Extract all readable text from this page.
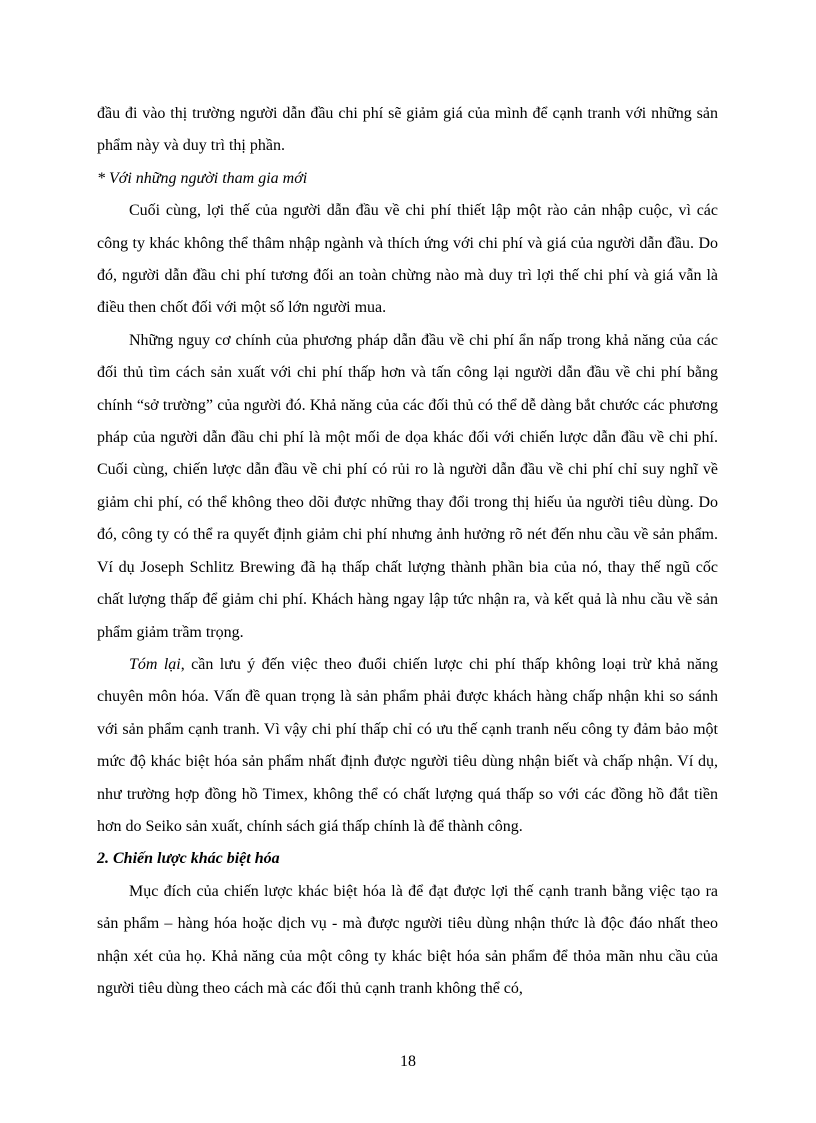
đầu đi vào thị trường người dẫn đầu chi phí sẽ giảm giá của mình để cạnh tranh với những sản phẩm này và duy trì thị phần.

* Với những người tham gia mới

Cuối cùng, lợi thế của người dẫn đầu về chi phí thiết lập một rào cản nhập cuộc, vì các công ty khác không thể thâm nhập ngành và thích ứng với chi phí và giá của người dẫn đầu. Do đó, người dẫn đầu chi phí tương đối an toàn chừng nào mà duy trì lợi thế chi phí và giá vẫn là điều then chốt đối với một số lớn người mua.

Những nguy cơ chính của phương pháp dẫn đầu về chi phí ẩn nấp trong khả năng của các đối thủ tìm cách sản xuất với chi phí thấp hơn và tấn công lại người dẫn đầu về chi phí bằng chính “sở trường” của người đó. Khả năng của các đối thủ có thể dễ dàng bắt chước các phương pháp của người dẫn đầu chi phí là một mối de dọa khác đối với chiến lược dẫn đầu về chi phí. Cuối cùng, chiến lược dẫn đầu về chi phí có rủi ro là người dẫn đầu về chi phí chỉ suy nghĩ về giảm chi phí, có thể không theo dõi được những thay đổi trong thị hiếu ủa người tiêu dùng. Do đó, công ty có thể ra quyết định giảm chi phí nhưng ảnh hưởng rõ nét đến nhu cầu về sản phẩm. Ví dụ Joseph Schlitz Brewing đã hạ thấp chất lượng thành phần bia của nó, thay thế ngũ cốc chất lượng thấp để giảm chi phí. Khách hàng ngay lập tức nhận ra, và kết quả là nhu cầu về sản phẩm giảm trầm trọng.

Tóm lại, cần lưu ý đến việc theo đuổi chiến lược chi phí thấp không loại trừ khả năng chuyên môn hóa. Vấn đề quan trọng là sản phẩm phải được khách hàng chấp nhận khi so sánh với sản phẩm cạnh tranh. Vì vậy chi phí thấp chỉ có ưu thế cạnh tranh nếu công ty đảm bảo một mức độ khác biệt hóa sản phẩm nhất định được người tiêu dùng nhận biết và chấp nhận. Ví dụ, như trường hợp đồng hồ Timex, không thể có chất lượng quá thấp so với các đồng hồ đắt tiền hơn do Seiko sản xuất, chính sách giá thấp chính là để thành công.

2. Chiến lược khác biệt hóa

Mục đích của chiến lược khác biệt hóa là để đạt được lợi thế cạnh tranh bằng việc tạo ra sản phẩm – hàng hóa hoặc dịch vụ - mà được người tiêu dùng nhận thức là độc đáo nhất theo nhận xét của họ. Khả năng của một công ty khác biệt hóa sản phẩm để thỏa mãn nhu cầu của người tiêu dùng theo cách mà các đối thủ cạnh tranh không thể có,

18
